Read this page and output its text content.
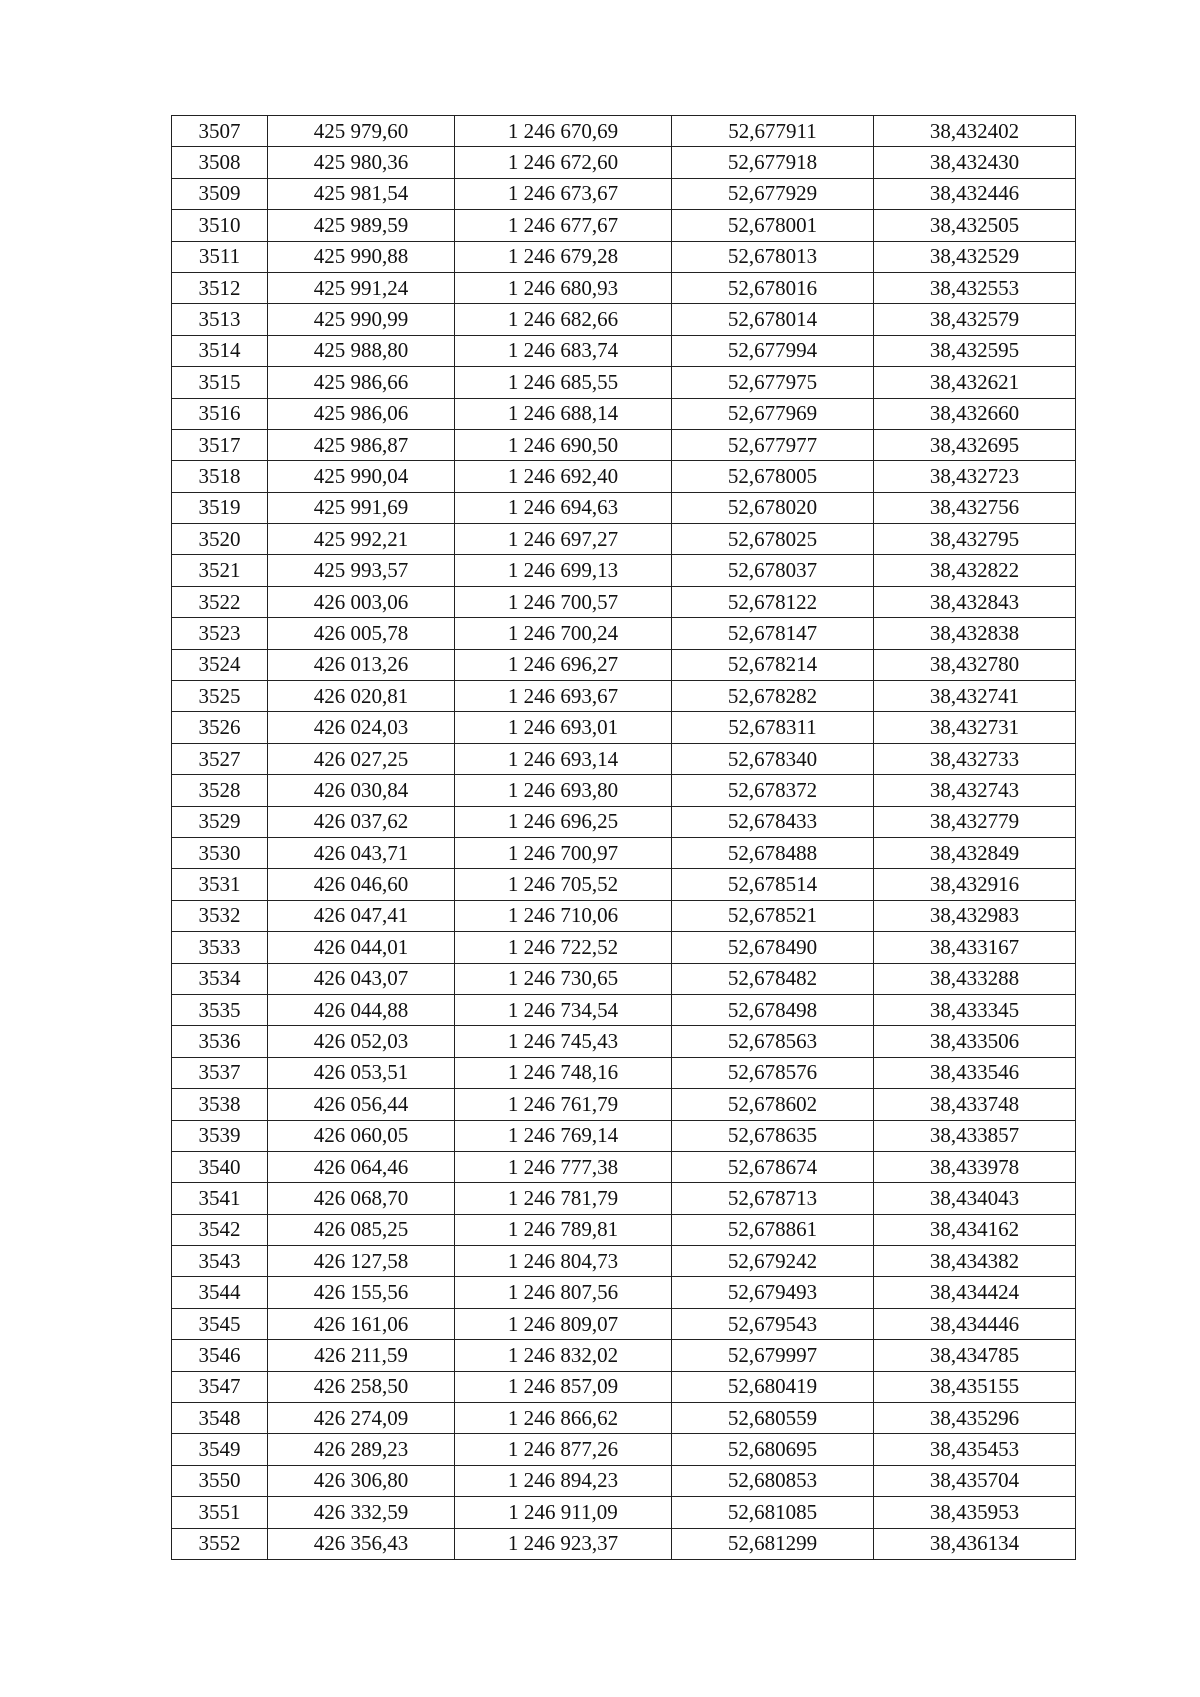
3507	425 979,60	1 246 670,69	52,677911	38,432402
3508	425 980,36	1 246 672,60	52,677918	38,432430
3509	425 981,54	1 246 673,67	52,677929	38,432446
3510	425 989,59	1 246 677,67	52,678001	38,432505
3511	425 990,88	1 246 679,28	52,678013	38,432529
3512	425 991,24	1 246 680,93	52,678016	38,432553
3513	425 990,99	1 246 682,66	52,678014	38,432579
3514	425 988,80	1 246 683,74	52,677994	38,432595
3515	425 986,66	1 246 685,55	52,677975	38,432621
3516	425 986,06	1 246 688,14	52,677969	38,432660
3517	425 986,87	1 246 690,50	52,677977	38,432695
3518	425 990,04	1 246 692,40	52,678005	38,432723
3519	425 991,69	1 246 694,63	52,678020	38,432756
3520	425 992,21	1 246 697,27	52,678025	38,432795
3521	425 993,57	1 246 699,13	52,678037	38,432822
3522	426 003,06	1 246 700,57	52,678122	38,432843
3523	426 005,78	1 246 700,24	52,678147	38,432838
3524	426 013,26	1 246 696,27	52,678214	38,432780
3525	426 020,81	1 246 693,67	52,678282	38,432741
3526	426 024,03	1 246 693,01	52,678311	38,432731
3527	426 027,25	1 246 693,14	52,678340	38,432733
3528	426 030,84	1 246 693,80	52,678372	38,432743
3529	426 037,62	1 246 696,25	52,678433	38,432779
3530	426 043,71	1 246 700,97	52,678488	38,432849
3531	426 046,60	1 246 705,52	52,678514	38,432916
3532	426 047,41	1 246 710,06	52,678521	38,432983
3533	426 044,01	1 246 722,52	52,678490	38,433167
3534	426 043,07	1 246 730,65	52,678482	38,433288
3535	426 044,88	1 246 734,54	52,678498	38,433345
3536	426 052,03	1 246 745,43	52,678563	38,433506
3537	426 053,51	1 246 748,16	52,678576	38,433546
3538	426 056,44	1 246 761,79	52,678602	38,433748
3539	426 060,05	1 246 769,14	52,678635	38,433857
3540	426 064,46	1 246 777,38	52,678674	38,433978
3541	426 068,70	1 246 781,79	52,678713	38,434043
3542	426 085,25	1 246 789,81	52,678861	38,434162
3543	426 127,58	1 246 804,73	52,679242	38,434382
3544	426 155,56	1 246 807,56	52,679493	38,434424
3545	426 161,06	1 246 809,07	52,679543	38,434446
3546	426 211,59	1 246 832,02	52,679997	38,434785
3547	426 258,50	1 246 857,09	52,680419	38,435155
3548	426 274,09	1 246 866,62	52,680559	38,435296
3549	426 289,23	1 246 877,26	52,680695	38,435453
3550	426 306,80	1 246 894,23	52,680853	38,435704
3551	426 332,59	1 246 911,09	52,681085	38,435953
3552	426 356,43	1 246 923,37	52,681299	38,436134
